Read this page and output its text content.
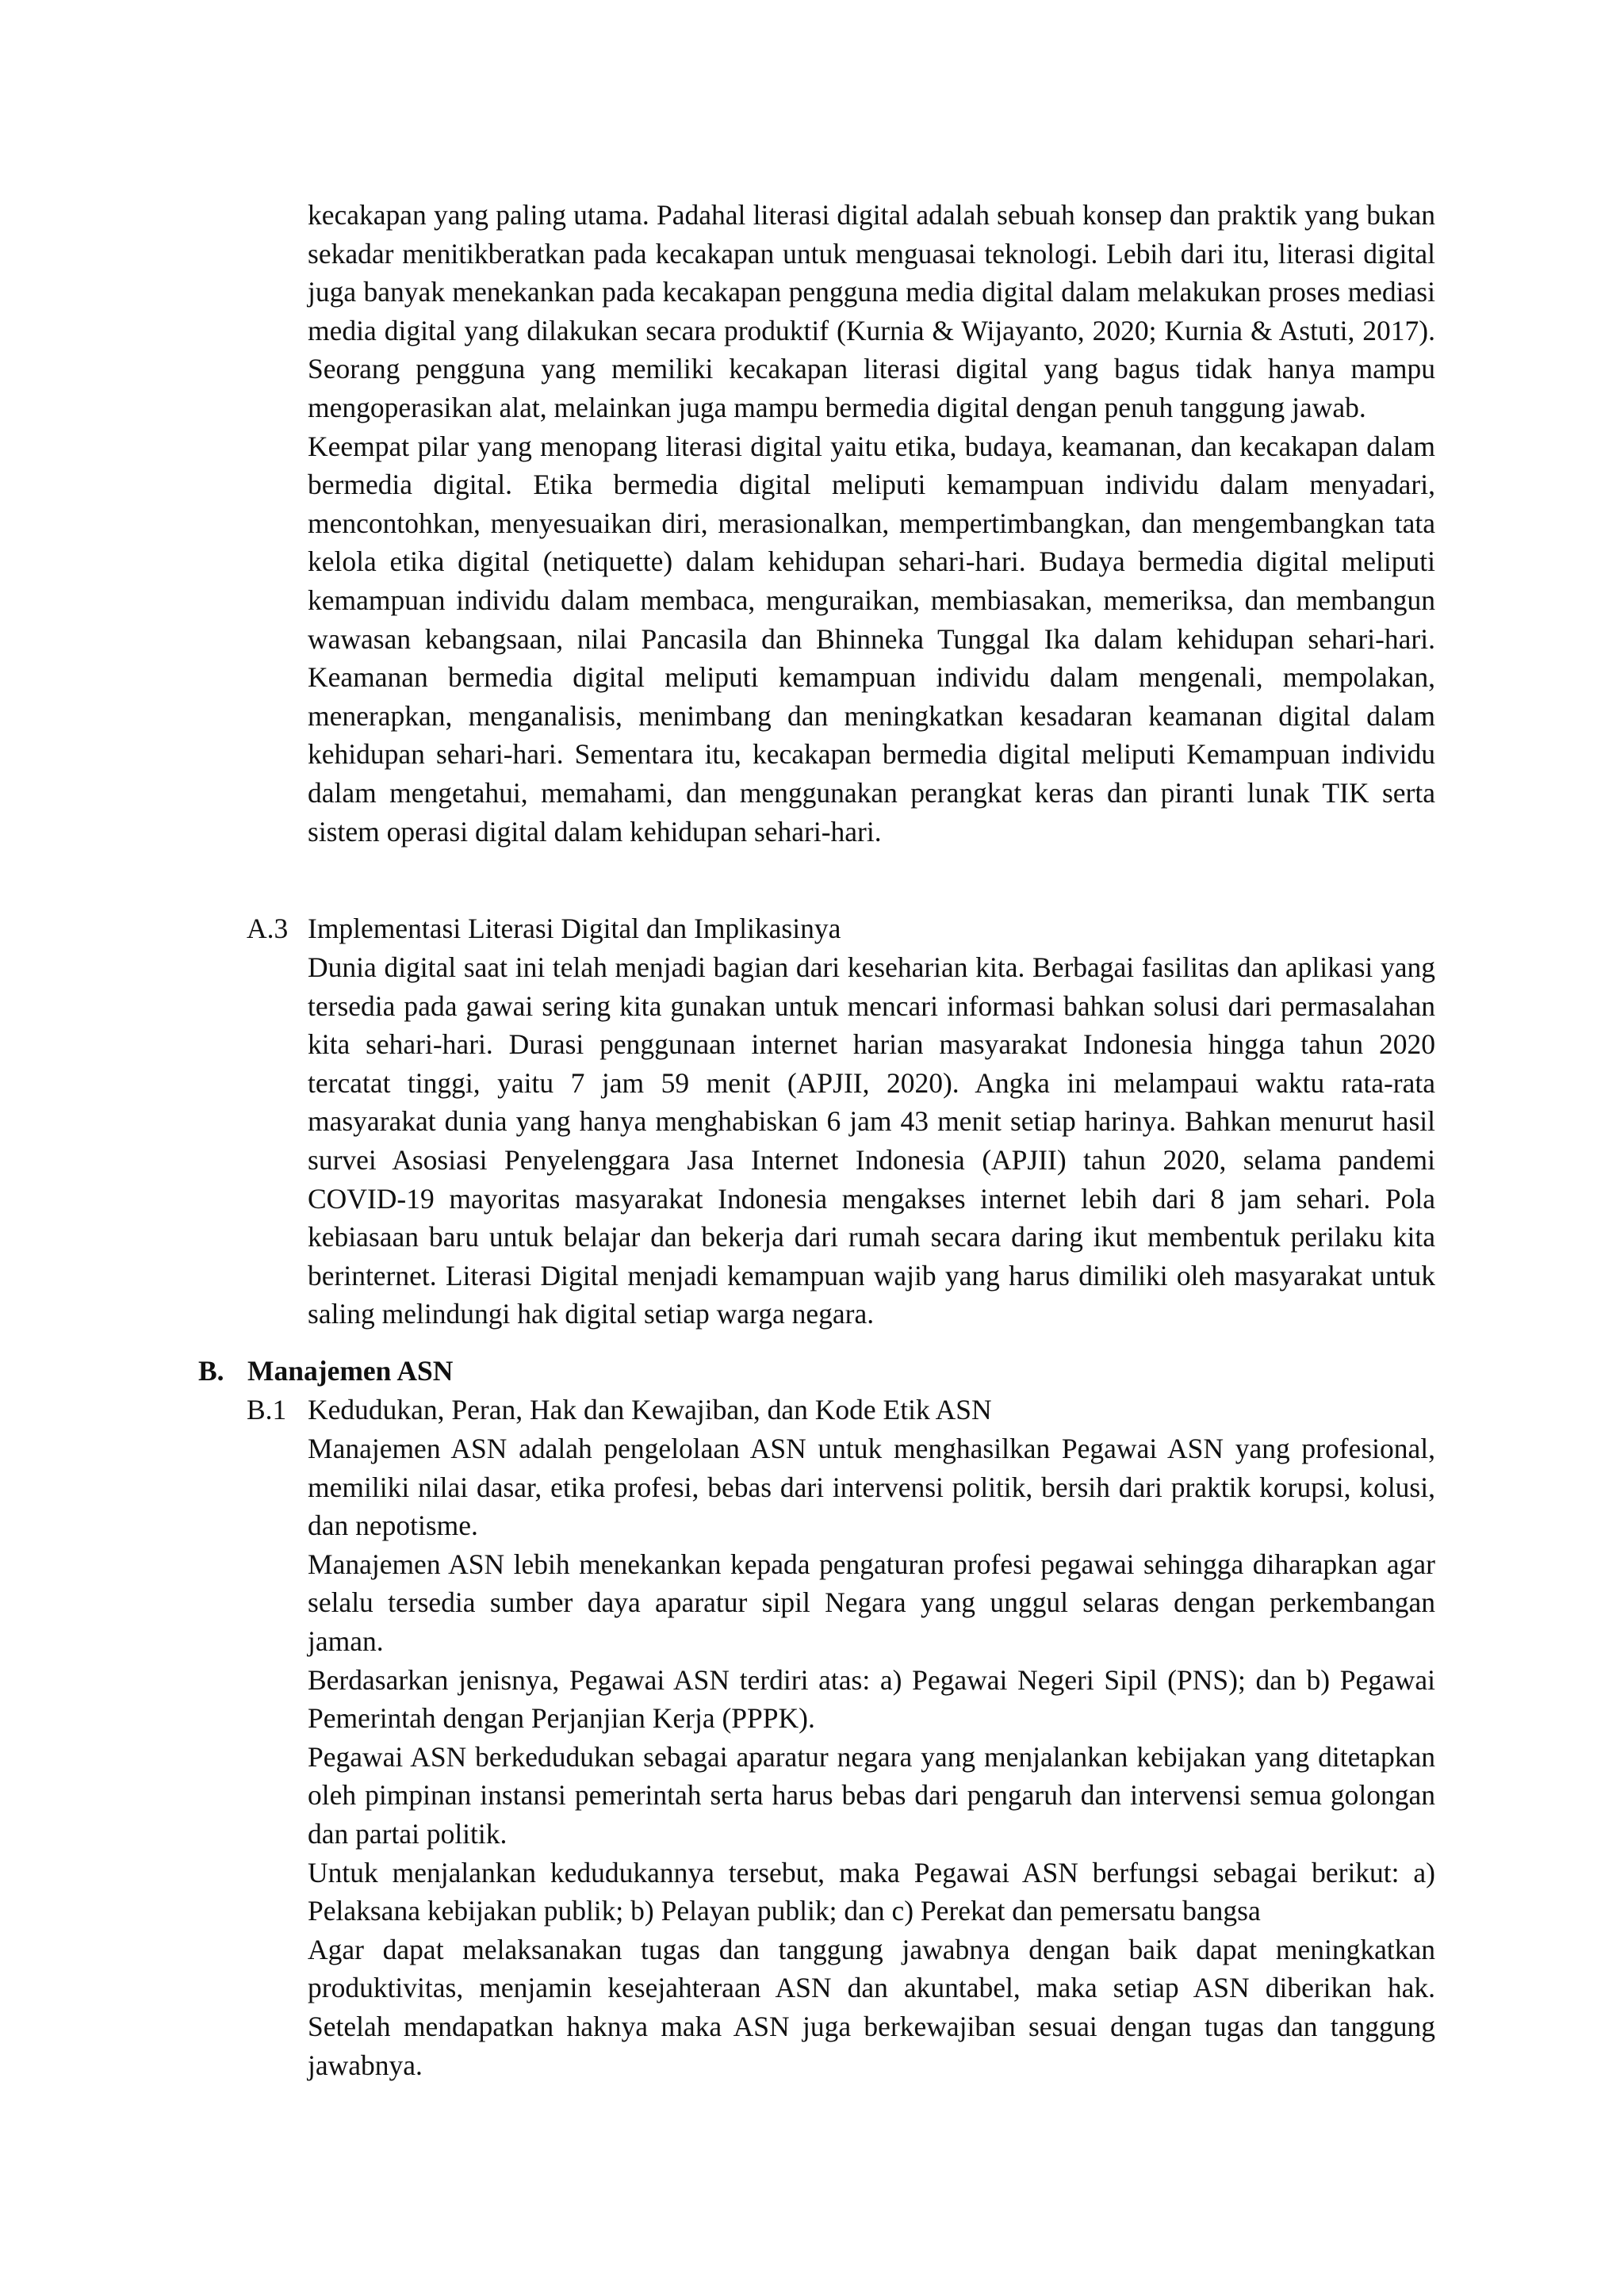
kecakapan yang paling utama. Padahal literasi digital adalah sebuah konsep dan praktik yang bukan sekadar menitikberatkan pada kecakapan untuk menguasai teknologi. Lebih dari itu, literasi digital juga banyak menekankan pada kecakapan pengguna media digital dalam melakukan proses mediasi media digital yang dilakukan secara produktif (Kurnia & Wijayanto, 2020; Kurnia & Astuti, 2017). Seorang pengguna yang memiliki kecakapan literasi digital yang bagus tidak hanya mampu mengoperasikan alat, melainkan juga mampu bermedia digital dengan penuh tanggung jawab.

Keempat pilar yang menopang literasi digital yaitu etika, budaya, keamanan, dan kecakapan dalam bermedia digital. Etika bermedia digital meliputi kemampuan individu dalam menyadari, mencontohkan, menyesuaikan diri, merasionalkan, mempertimbangkan, dan mengembangkan tata kelola etika digital (netiquette) dalam kehidupan sehari-hari. Budaya bermedia digital meliputi kemampuan individu dalam membaca, menguraikan, membiasakan, memeriksa, dan membangun wawasan kebangsaan, nilai Pancasila dan Bhinneka Tunggal Ika dalam kehidupan sehari-hari. Keamanan bermedia digital meliputi kemampuan individu dalam mengenali, mempolakan, menerapkan, menganalisis, menimbang dan meningkatkan kesadaran keamanan digital dalam kehidupan sehari-hari. Sementara itu, kecakapan bermedia digital meliputi Kemampuan individu dalam mengetahui, memahami, dan menggunakan perangkat keras dan piranti lunak TIK serta sistem operasi digital dalam kehidupan sehari-hari.

A.3 Implementasi Literasi Digital dan Implikasinya

Dunia digital saat ini telah menjadi bagian dari keseharian kita. Berbagai fasilitas dan aplikasi yang tersedia pada gawai sering kita gunakan untuk mencari informasi bahkan solusi dari permasalahan kita sehari-hari. Durasi penggunaan internet harian masyarakat Indonesia hingga tahun 2020 tercatat tinggi, yaitu 7 jam 59 menit (APJII, 2020). Angka ini melampaui waktu rata-rata masyarakat dunia yang hanya menghabiskan 6 jam 43 menit setiap harinya. Bahkan menurut hasil survei Asosiasi Penyelenggara Jasa Internet Indonesia (APJII) tahun 2020, selama pandemi COVID-19 mayoritas masyarakat Indonesia mengakses internet lebih dari 8 jam sehari. Pola kebiasaan baru untuk belajar dan bekerja dari rumah secara daring ikut membentuk perilaku kita berinternet. Literasi Digital menjadi kemampuan wajib yang harus dimiliki oleh masyarakat untuk saling melindungi hak digital setiap warga negara.

B. Manajemen ASN
B.1 Kedudukan, Peran, Hak dan Kewajiban, dan Kode Etik ASN

Manajemen ASN adalah pengelolaan ASN untuk menghasilkan Pegawai ASN yang profesional, memiliki nilai dasar, etika profesi, bebas dari intervensi politik, bersih dari praktik korupsi, kolusi, dan nepotisme.

Manajemen ASN lebih menekankan kepada pengaturan profesi pegawai sehingga diharapkan agar selalu tersedia sumber daya aparatur sipil Negara yang unggul selaras dengan perkembangan jaman.

Berdasarkan jenisnya, Pegawai ASN terdiri atas: a) Pegawai Negeri Sipil (PNS); dan b) Pegawai Pemerintah dengan Perjanjian Kerja (PPPK).

Pegawai ASN berkedudukan sebagai aparatur negara yang menjalankan kebijakan yang ditetapkan oleh pimpinan instansi pemerintah serta harus bebas dari pengaruh dan intervensi semua golongan dan partai politik.

Untuk menjalankan kedudukannya tersebut, maka Pegawai ASN berfungsi sebagai berikut: a) Pelaksana kebijakan publik; b) Pelayan publik; dan c) Perekat dan pemersatu bangsa

Agar dapat melaksanakan tugas dan tanggung jawabnya dengan baik dapat meningkatkan produktivitas, menjamin kesejahteraan ASN dan akuntabel, maka setiap ASN diberikan hak. Setelah mendapatkan haknya maka ASN juga berkewajiban sesuai dengan tugas dan tanggung jawabnya.
